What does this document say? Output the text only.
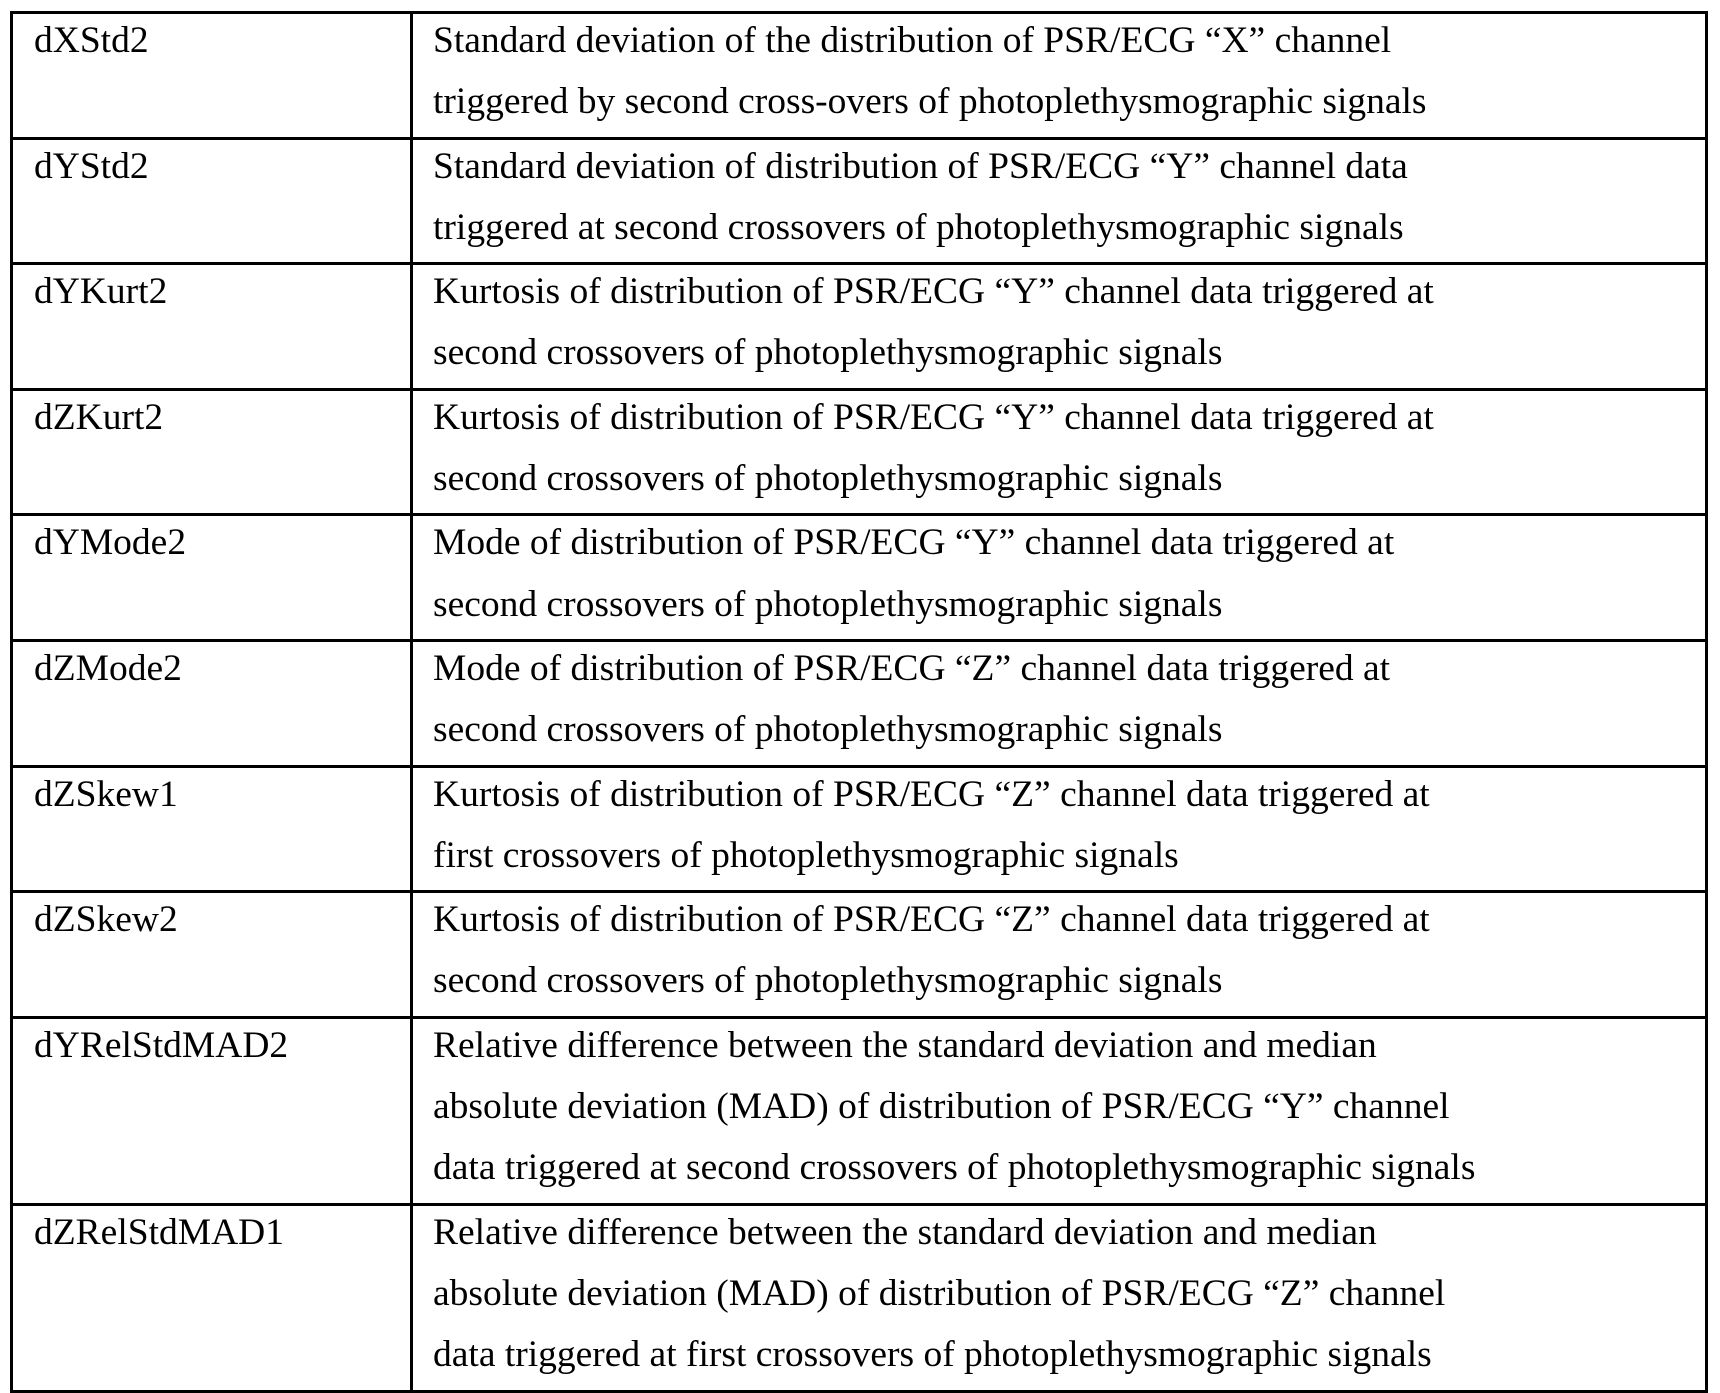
dXStd2	Standard deviation of the distribution of PSR/ECG “X” channel
triggered by second cross-overs of photoplethysmographic signals

dYStd2	Standard deviation of distribution of PSR/ECG “Y” channel data
triggered at second crossovers of photoplethysmographic signals

dYKurt2	Kurtosis of distribution of PSR/ECG “Y” channel data triggered at
second crossovers of photoplethysmographic signals

dZKurt2	Kurtosis of distribution of PSR/ECG “Y” channel data triggered at
second crossovers of photoplethysmographic signals

dYMode2	Mode of distribution of PSR/ECG “Y” channel data triggered at
second crossovers of photoplethysmographic signals

dZMode2	Mode of distribution of PSR/ECG “Z” channel data triggered at
second crossovers of photoplethysmographic signals

dZSkew1	Kurtosis of distribution of PSR/ECG “Z” channel data triggered at
first crossovers of photoplethysmographic signals

dZSkew2	Kurtosis of distribution of PSR/ECG “Z” channel data triggered at
second crossovers of photoplethysmographic signals

dYRelStdMAD2	Relative difference between the standard deviation and median
absolute deviation (MAD) of distribution of PSR/ECG “Y” channel
data triggered at second crossovers of photoplethysmographic signals

dZRelStdMAD1	Relative difference between the standard deviation and median
absolute deviation (MAD) of distribution of PSR/ECG “Z” channel
data triggered at first crossovers of photoplethysmographic signals
